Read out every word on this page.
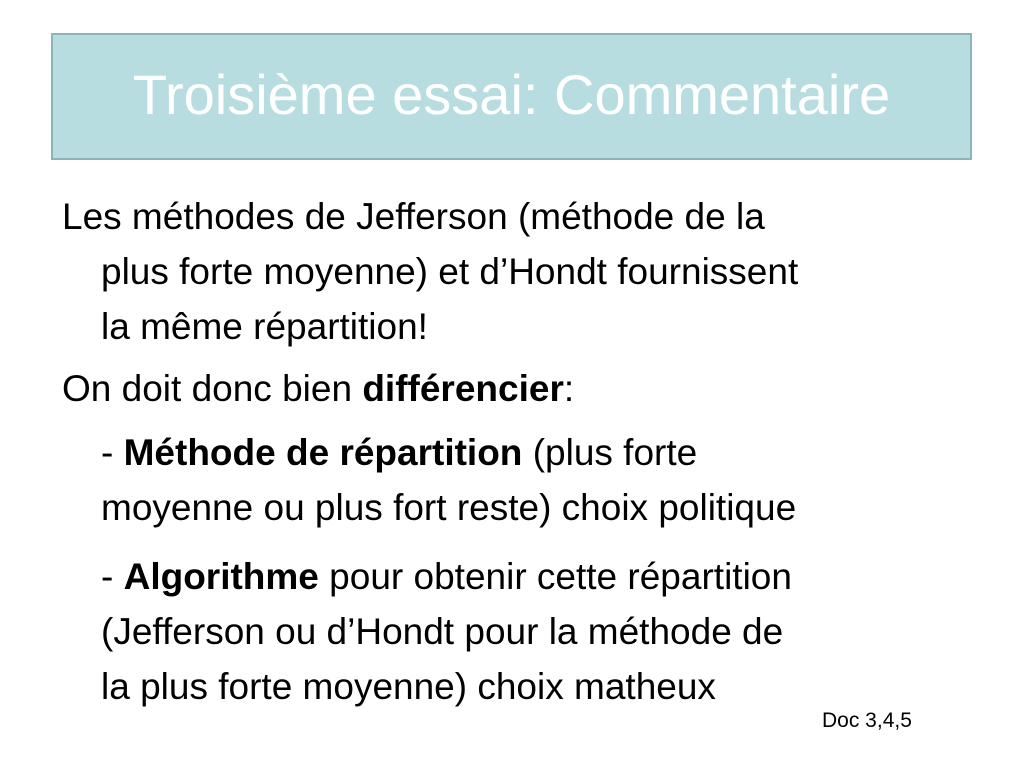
Troisième essai: Commentaire
Les méthodes de Jefferson (méthode de la
plus forte moyenne) et d’Hondt fournissent
la même répartition!
On doit donc bien différencier:
- Méthode de répartition (plus forte
moyenne ou plus fort reste) choix politique
- Algorithme pour obtenir cette répartition
(Jefferson ou d’Hondt pour la méthode de
la plus forte moyenne) choix matheux
Doc 3,4,5
